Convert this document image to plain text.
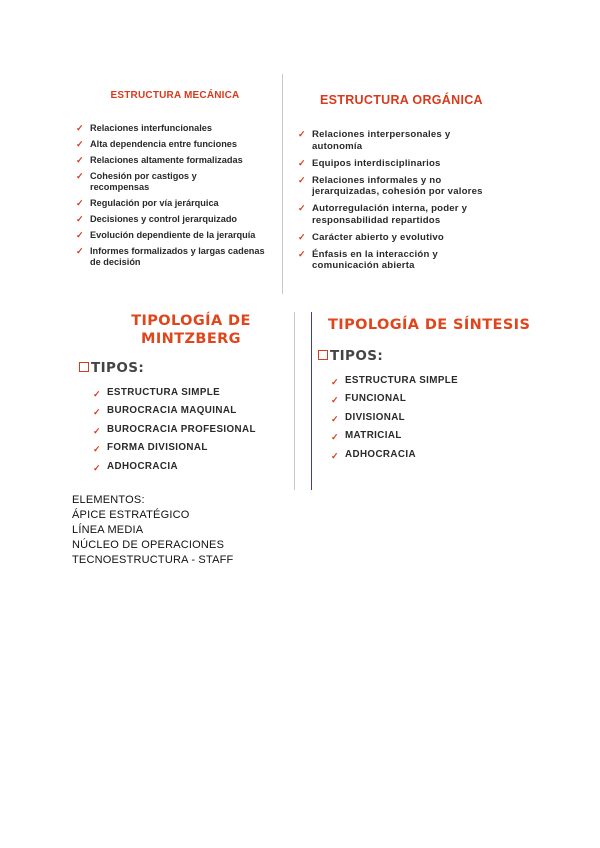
ESTRUCTURA MECÁNICA
✓ Relaciones interfuncionales
✓ Alta dependencia entre funciones
✓ Relaciones altamente formalizadas
✓ Cohesión por castigos y recompensas
✓ Regulación por vía jerárquica
✓ Decisiones y control jerarquizado
✓ Evolución dependiente de la jerarquía
✓ Informes formalizados y largas cadenas de decisión
ESTRUCTURA ORGÁNICA
✓ Relaciones interpersonales y autonomía
✓ Equipos interdisciplinarios
✓ Relaciones informales y no jerarquizadas, cohesión por valores
✓ Autorregulación interna, poder y responsabilidad repartidos
✓ Carácter abierto y evolutivo
✓ Énfasis en la interacción y comunicación abierta
TIPOLOGÍA DE MINTZBERG
TIPOS:
✓ ESTRUCTURA SIMPLE
✓ BUROCRACIA MAQUINAL
✓ BUROCRACIA PROFESIONAL
✓ FORMA DIVISIONAL
✓ ADHOCRACIA
TIPOLOGÍA DE SÍNTESIS
TIPOS:
✓ ESTRUCTURA SIMPLE
✓ FUNCIONAL
✓ DIVISIONAL
✓ MATRICIAL
✓ ADHOCRACIA
ELEMENTOS:
ÁPICE ESTRATÉGICO
LÍNEA MEDIA
NÚCLEO DE OPERACIONES
TECNOESTRUCTURA - STAFF
